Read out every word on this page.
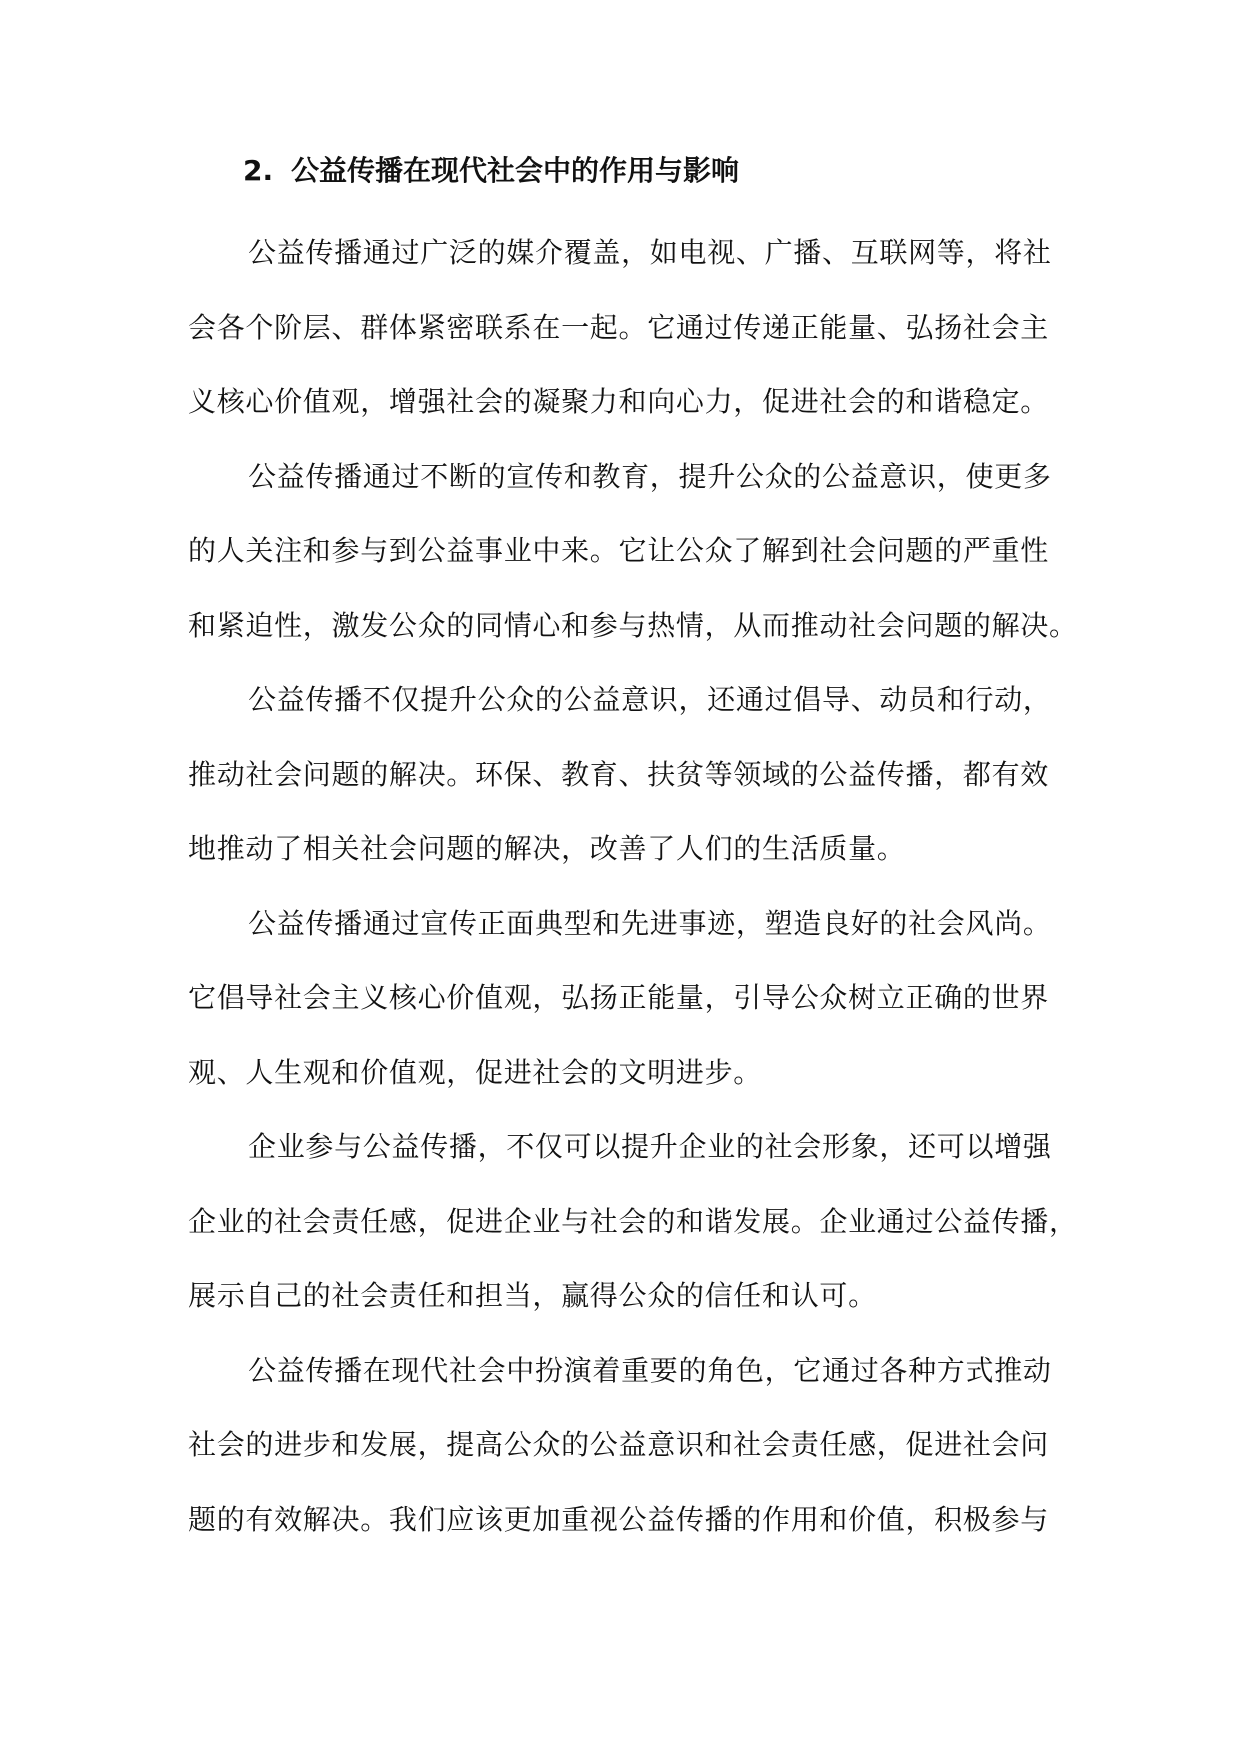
2. 公益传播在现代社会中的作用与影响

公益传播通过广泛的媒介覆盖，如电视、广播、互联网等，将社
会各个阶层、群体紧密联系在一起。它通过传递正能量、弘扬社会主
义核心价值观，增强社会的凝聚力和向心力，促进社会的和谐稳定。

公益传播通过不断的宣传和教育，提升公众的公益意识，使更多
的人关注和参与到公益事业中来。它让公众了解到社会问题的严重性
和紧迫性，激发公众的同情心和参与热情，从而推动社会问题的解决。

公益传播不仅提升公众的公益意识，还通过倡导、动员和行动，
推动社会问题的解决。环保、教育、扶贫等领域的公益传播，都有效
地推动了相关社会问题的解决，改善了人们的生活质量。

公益传播通过宣传正面典型和先进事迹，塑造良好的社会风尚。
它倡导社会主义核心价值观，弘扬正能量，引导公众树立正确的世界
观、人生观和价值观，促进社会的文明进步。

企业参与公益传播，不仅可以提升企业的社会形象，还可以增强
企业的社会责任感，促进企业与社会的和谐发展。企业通过公益传播，
展示自己的社会责任和担当，赢得公众的信任和认可。

公益传播在现代社会中扮演着重要的角色，它通过各种方式推动
社会的进步和发展，提高公众的公益意识和社会责任感，促进社会问
题的有效解决。我们应该更加重视公益传播的作用和价值，积极参与
